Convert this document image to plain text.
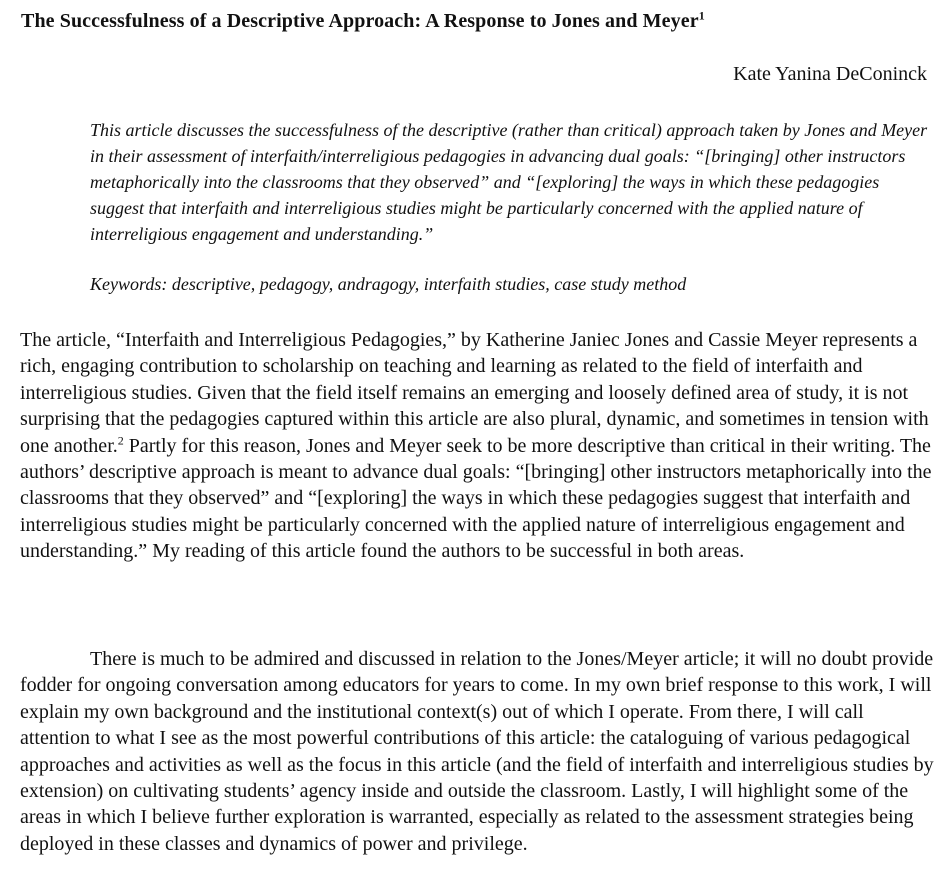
The Successfulness of a Descriptive Approach: A Response to Jones and Meyer$^1$
Kate Yanina DeConinck
This article discusses the successfulness of the descriptive (rather than critical) approach taken by Jones and Meyer in their assessment of interfaith/interreligious pedagogies in advancing dual goals: “[bringing] other instructors metaphorically into the classrooms that they observed” and “[exploring] the ways in which these pedagogies suggest that interfaith and interreligious studies might be particularly concerned with the applied nature of interreligious engagement and understanding.”
Keywords: descriptive, pedagogy, andragogy, interfaith studies, case study method

The article, “Interfaith and Interreligious Pedagogies,” by Katherine Janiec Jones and Cassie Meyer represents a rich, engaging contribution to scholarship on teaching and learning as related to the field of interfaith and interreligious studies. Given that the field itself remains an emerging and loosely defined area of study, it is not surprising that the pedagogies captured within this article are also plural, dynamic, and sometimes in tension with one another.$^2$ Partly for this reason, Jones and Meyer seek to be more descriptive than critical in their writing. The authors’ descriptive approach is meant to advance dual goals: “[bringing] other instructors metaphorically into the classrooms that they observed” and “[exploring] the ways in which these pedagogies suggest that interfaith and interreligious studies might be particularly concerned with the applied nature of interreligious engagement and understanding.” My reading of this article found the authors to be successful in both areas.

There is much to be admired and discussed in relation to the Jones/Meyer article; it will no doubt provide fodder for ongoing conversation among educators for years to come. In my own brief response to this work, I will explain my own background and the institutional context(s) out of which I operate. From there, I will call attention to what I see as the most powerful contributions of this article: the cataloguing of various pedagogical approaches and activities as well as the focus in this article (and the field of interfaith and interreligious studies by extension) on cultivating students’ agency inside and outside the classroom. Lastly, I will highlight some of the areas in which I believe further exploration is warranted, especially as related to the assessment strategies being deployed in these classes and dynamics of power and privilege.
